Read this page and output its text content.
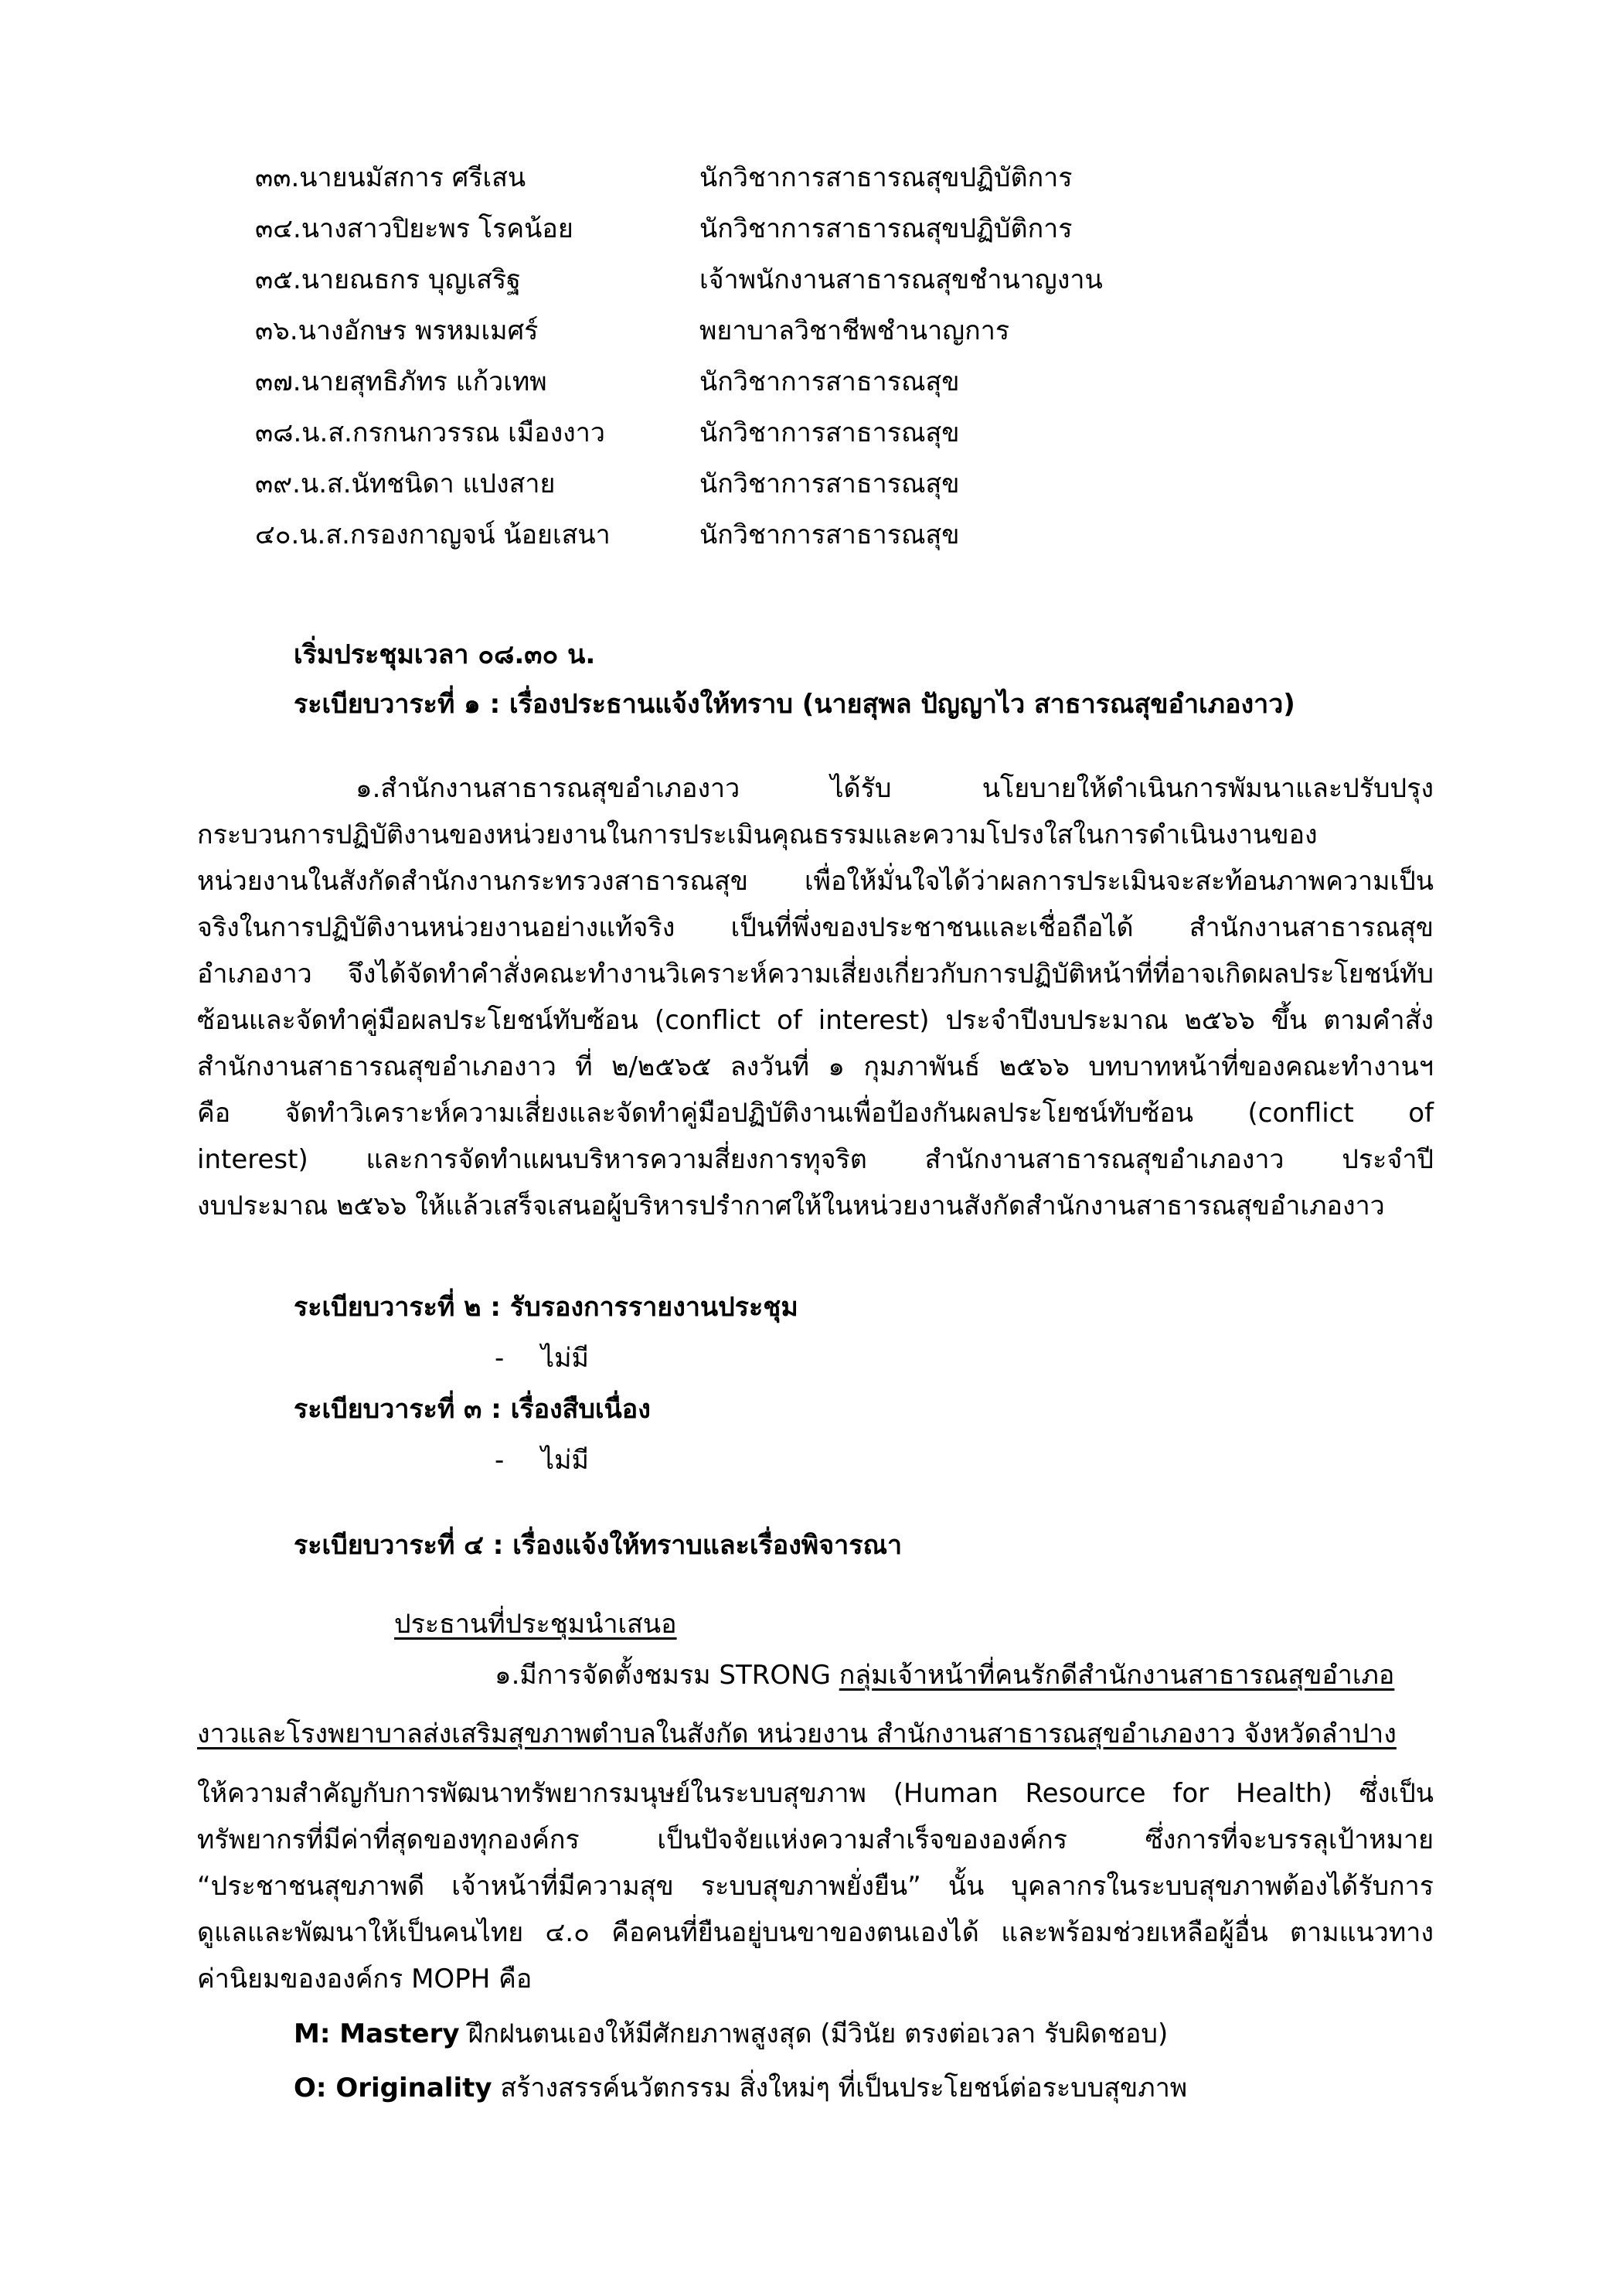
๓๓.นายนมัสการ ศรีเสน	นักวิชาการสาธารณสุขปฏิบัติการ
๓๔.นางสาวปิยะพร โรคน้อย	นักวิชาการสาธารณสุขปฏิบัติการ
๓๕.นายณธกร บุญเสริฐ	เจ้าพนักงานสาธารณสุขชำนาญงาน
๓๖.นางอักษร พรหมเมศร์	พยาบาลวิชาชีพชำนาญการ
๓๗.นายสุทธิภัทร แก้วเทพ	นักวิชาการสาธารณสุข
๓๘.น.ส.กรกนกวรรณ เมืองงาว	นักวิชาการสาธารณสุข
๓๙.น.ส.นัทชนิดา แปงสาย	นักวิชาการสาธารณสุข
๔๐.น.ส.กรองกาญจน์ น้อยเสนา	นักวิชาการสาธารณสุข
เริ่มประชุมเวลา ๐๘.๓๐ น.
ระเบียบวาระที่ ๑ : เรื่องประธานแจ้งให้ทราบ (นายสุพล ปัญญาไว สาธารณสุขอำเภองาว)
๑.สำนักงานสาธารณสุขอำเภองาว ได้รับ นโยบายให้ดำเนินการพัมนาและปรับปรุง
กระบวนการปฏิบัติงานของหน่วยงานในการประเมินคุณธรรมและความโปรงใสในการดำเนินงานของ
หน่วยงานในสังกัดสำนักงานกระทรวงสาธารณสุข เพื่อให้มั่นใจได้ว่าผลการประเมินจะสะท้อนภาพความเป็น
จริงในการปฏิบัติงานหน่วยงานอย่างแท้จริง เป็นที่พึ่งของประชาชนและเชื่อถือได้ สำนักงานสาธารณสุข
อำเภองาว จึงได้จัดทำคำสั่งคณะทำงานวิเคราะห์ความเสี่ยงเกี่ยวกับการปฏิบัติหน้าที่ที่อาจเกิดผลประโยชน์ทับ
ซ้อนและจัดทำคู่มือผลประโยชน์ทับซ้อน (conflict of interest) ประจำปีงบประมาณ ๒๕๖๖ ขึ้น ตามคำสั่ง
สำนักงานสาธารณสุขอำเภองาว ที่ ๒/๒๕๖๕ ลงวันที่ ๑ กุมภาพันธ์ ๒๕๖๖ บทบาทหน้าที่ของคณะทำงานฯ
คือ จัดทำวิเคราะห์ความเสี่ยงและจัดทำคู่มือปฏิบัติงานเพื่อป้องกันผลประโยชน์ทับซ้อน (conflict of
interest) และการจัดทำแผนบริหารความสี่ยงการทุจริต สำนักงานสาธารณสุขอำเภองาว ประจำปี
งบประมาณ ๒๕๖๖ ให้แล้วเสร็จเสนอผู้บริหารปรำกาศให้ในหน่วยงานสังกัดสำนักงานสาธารณสุขอำเภองาว
ระเบียบวาระที่ ๒ : รับรองการรายงานประชุม
- ไม่มี
ระเบียบวาระที่ ๓ : เรื่องสืบเนื่อง
- ไม่มี
ระเบียบวาระที่ ๔ : เรื่องแจ้งให้ทราบและเรื่องพิจารณา
ประธานที่ประชุมนำเสนอ
๑.มีการจัดตั้งชมรม STRONG กลุ่มเจ้าหน้าที่คนรักดีสำนักงานสาธารณสุขอำเภอ
งาวและโรงพยาบาลส่งเสริมสุขภาพตำบลในสังกัด หน่วยงาน สำนักงานสาธารณสุขอำเภองาว จังหวัดลำปาง
ให้ความสำคัญกับการพัฒนาทรัพยากรมนุษย์ในระบบสุขภาพ (Human Resource for Health) ซึ่งเป็น
ทรัพยากรที่มีค่าที่สุดของทุกองค์กร เป็นปัจจัยแห่งความสำเร็จขององค์กร ซึ่งการที่จะบรรลุเป้าหมาย
“ประชาชนสุขภาพดี เจ้าหน้าที่มีความสุข ระบบสุขภาพยั่งยืน” นั้น บุคลากรในระบบสุขภาพต้องได้รับการ
ดูแลและพัฒนาให้เป็นคนไทย ๔.๐ คือคนที่ยืนอยู่บนขาของตนเองได้ และพร้อมช่วยเหลือผู้อื่น ตามแนวทาง
ค่านิยมขององค์กร MOPH คือ
M: Mastery ฝึกฝนตนเองให้มีศักยภาพสูงสุด (มีวินัย ตรงต่อเวลา รับผิดชอบ)
O: Originality สร้างสรรค์นวัตกรรม สิ่งใหม่ๆ ที่เป็นประโยชน์ต่อระบบสุขภาพ
